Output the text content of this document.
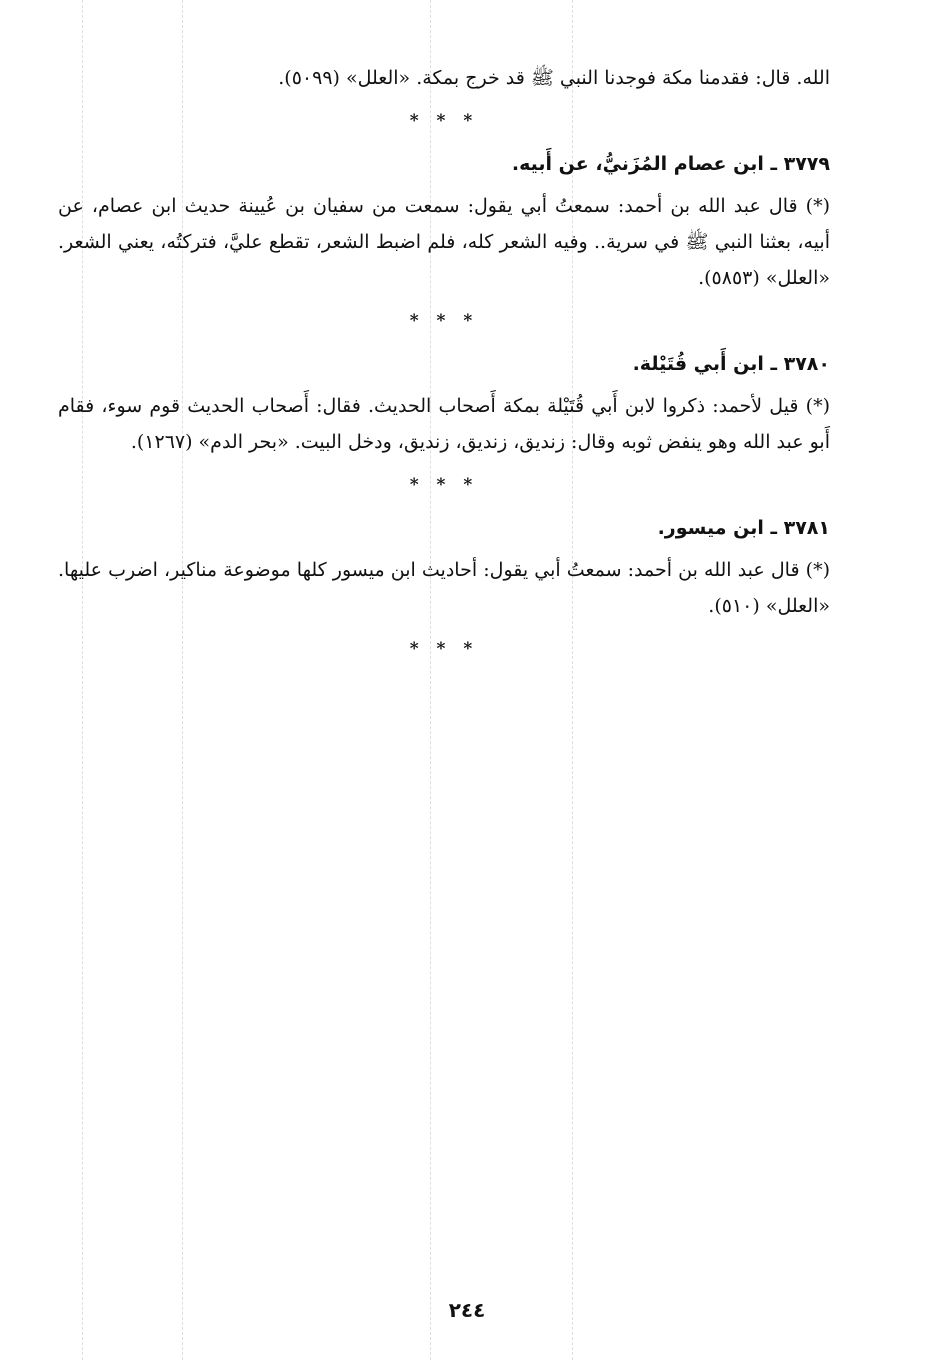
الله. قال: فقدمنا مكة فوجدنا النبي ﷺ قد خرج بمكة. «العلل» (٥٠٩٩).

* * *
٣٧٧٩ ـ ابن عصام المُزَنيُّ، عن أَبيه.

(*) قال عبد الله بن أحمد: سمعتُ أبي يقول: سمعت من سفيان بن عُيينة حديث ابن عصام، عن أبيه، بعثنا النبي ﷺ في سرية.. وفيه الشعر كله، فلم اضبط الشعر، تقطع عليَّ، فتركتُه، يعني الشعر. «العلل» (٥٨٥٣).

* * *
٣٧٨٠ ـ ابن أَبي قُتَيْلة.

(*) قيل لأحمد: ذكروا لابن أَبي قُتَيْلة بمكة أَصحاب الحديث. فقال: أَصحاب الحديث قوم سوء، فقام أَبو عبد الله وهو ينفض ثوبه وقال: زنديق، زنديق، زنديق، ودخل البيت. «بحر الدم» (١٢٦٧).

* * *
٣٧٨١ ـ ابن ميسور.

(*) قال عبد الله بن أحمد: سمعتُ أبي يقول: أحاديث ابن ميسور كلها موضوعة مناكير، اضرب عليها. «العلل» (٥١٠).

* * *
٢٤٤
